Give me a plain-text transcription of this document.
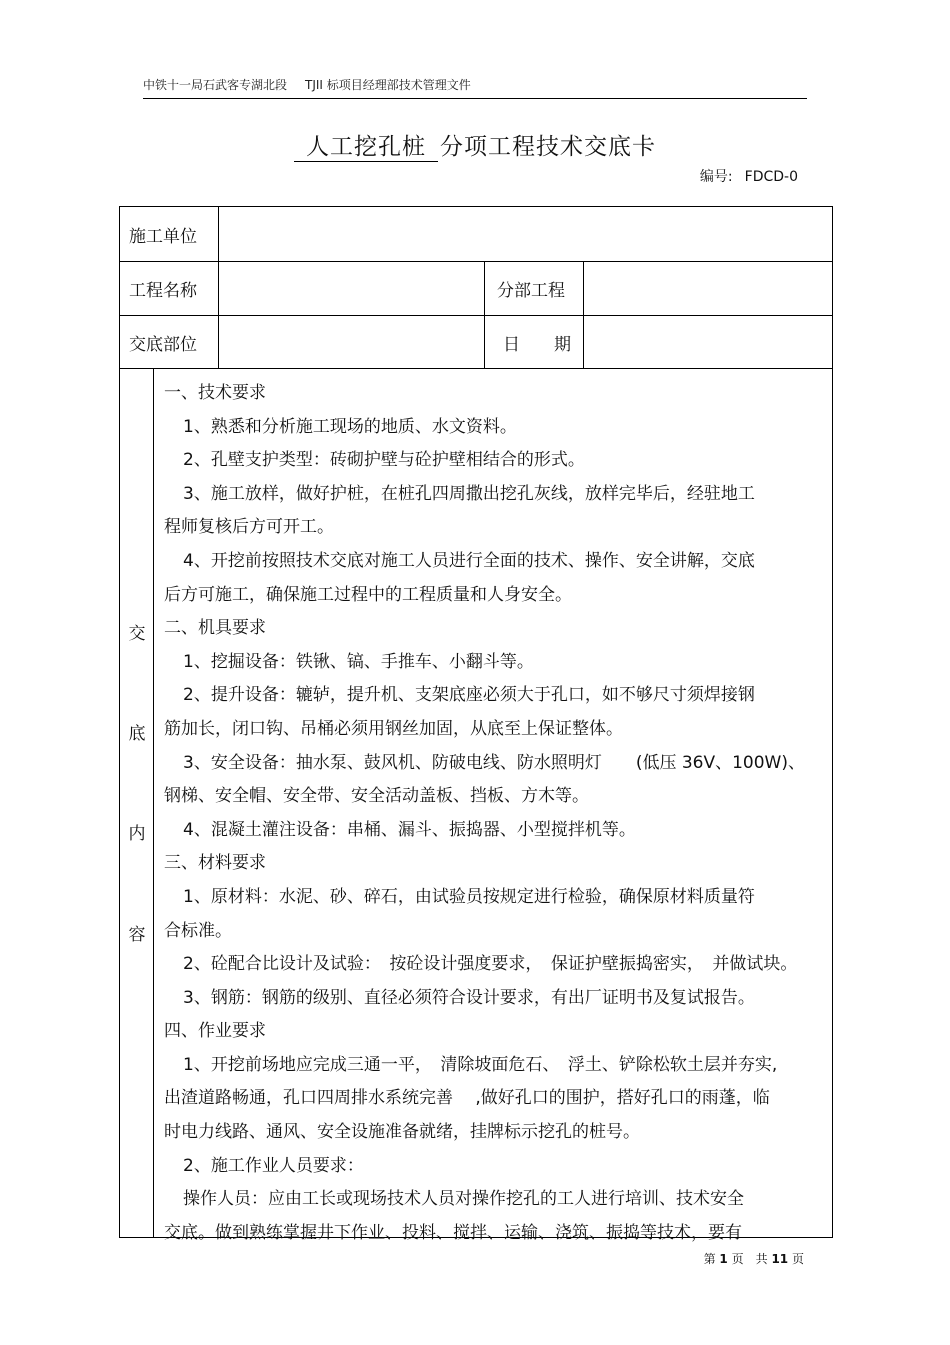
中铁十一局石武客专湖北段 TJII 标项目经理部技术管理文件
人工挖孔桩 分项工程技术交底卡
编号: FDCD-0
施工单位
工程名称	分部工程
交底部位	日　　期
交
底
内
容
一、技术要求
1、熟悉和分析施工现场的地质、水文资料。
2、孔壁支护类型：砖砌护壁与砼护壁相结合的形式。
3、施工放样，做好护桩，在桩孔四周撒出挖孔灰线，放样完毕后，经驻地工
程师复核后方可开工。
4、开挖前按照技术交底对施工人员进行全面的技术、操作、安全讲解，交底
后方可施工，确保施工过程中的工程质量和人身安全。
二、机具要求
1、挖掘设备：铁锹、镐、手推车、小翻斗等。
2、提升设备：辘轳，提升机、支架底座必须大于孔口，如不够尺寸须焊接钢
筋加长，闭口钩、吊桶必须用钢丝加固，从底至上保证整体。
3、安全设备：抽水泵、鼓风机、防破电线、防水照明灯　　(低压 36V、100W)、
钢梯、安全帽、安全带、安全活动盖板、挡板、方木等。
4、混凝土灌注设备：串桶、漏斗、振捣器、小型搅拌机等。
三、材料要求
1、原材料：水泥、砂、碎石，由试验员按规定进行检验，确保原材料质量符
合标准。
2、砼配合比设计及试验：　按砼设计强度要求，　保证护壁振捣密实，　并做试块。
3、钢筋：钢筋的级别、直径必须符合设计要求，有出厂证明书及复试报告。
四、作业要求
1、开挖前场地应完成三通一平，　清除坡面危石、　浮土、铲除松软土层并夯实,
出渣道路畅通，孔口四周排水系统完善　 ,做好孔口的围护，搭好孔口的雨蓬，临
时电力线路、通风、安全设施准备就绪，挂牌标示挖孔的桩号。
2、施工作业人员要求：
操作人员：应由工长或现场技术人员对操作挖孔的工人进行培训、技术安全
交底。做到熟练掌握井下作业、投料、搅拌、运输、浇筑、振捣等技术，要有
第 1 页　共 11 页
